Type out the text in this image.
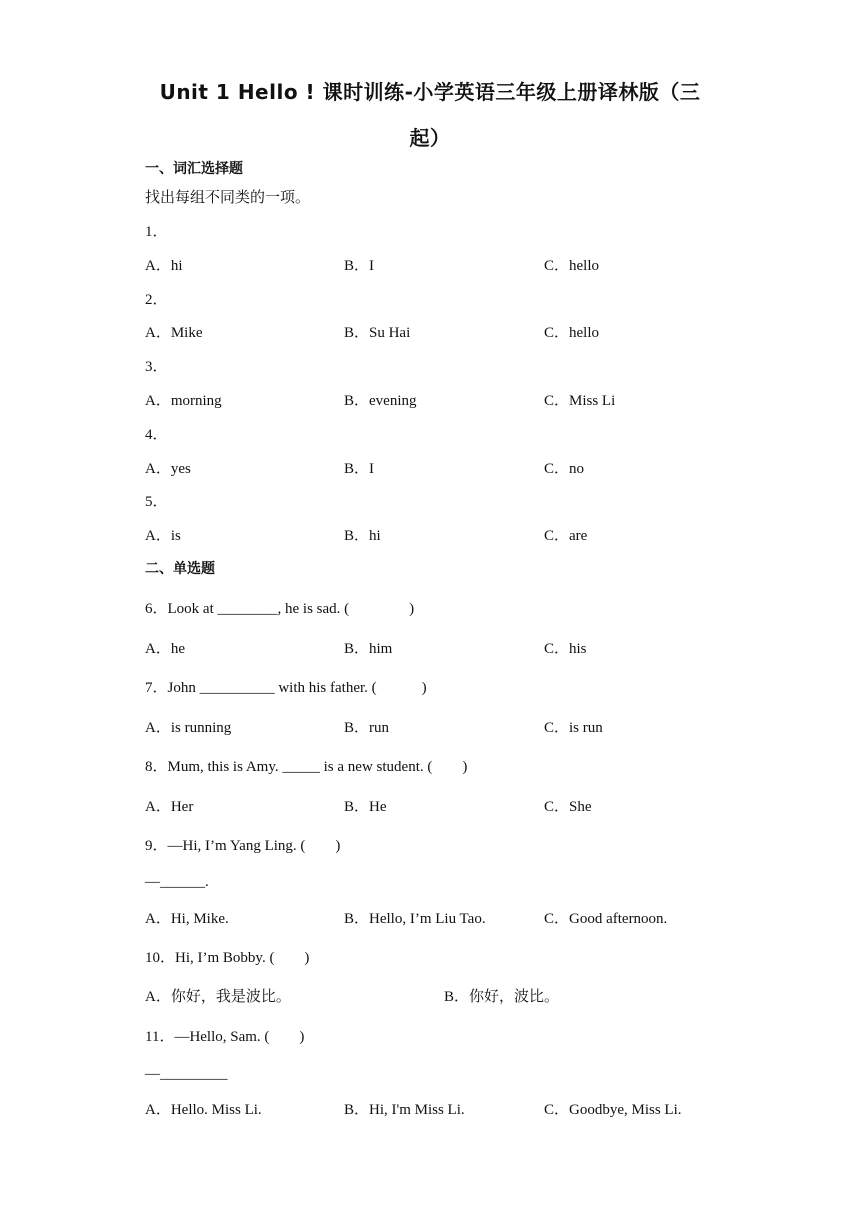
Unit 1 Hello ! 课时训练-小学英语三年级上册译林版（三
起）
一、词汇选择题
找出每组不同类的一项。
1．
A．hi	B．I	C．hello
2．
A．Mike	B．Su Hai	C．hello
3．
A．morning	B．evening	C．Miss Li
4．
A．yes	B．I	C．no
5．
A．is	B．hi	C．are
二、单选题
6．Look at ________, he is sad. (　　　　)
A．he	B．him	C．his
7．John __________ with his father. (　　　)
A．is running	B．run	C．is run
8．Mum, this is Amy. _____ is a new student. (　　)
A．Her	B．He	C．She
9．—Hi, I’m Yang Ling. (　　)
—______.
A．Hi, Mike.	B．Hello, I’m Liu Tao.	C．Good afternoon.
10．Hi, I’m Bobby. (　　)
A．你好，我是波比。	B．你好，波比。
11．—Hello, Sam. (　　)
—_________
A．Hello. Miss Li.	B．Hi, I'm Miss Li.	C．Goodbye, Miss Li.
